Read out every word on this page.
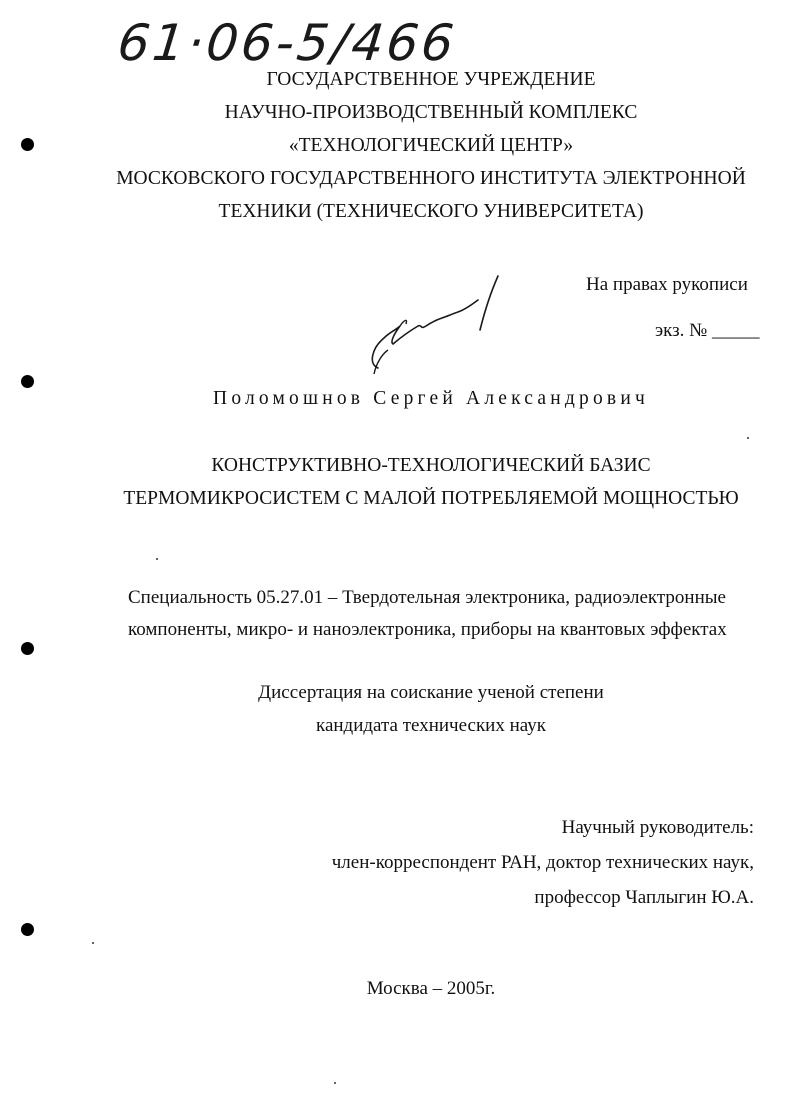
61·06-5/466
ГОСУДАРСТВЕННОЕ УЧРЕЖДЕНИЕ
НАУЧНО-ПРОИЗВОДСТВЕННЫЙ КОМПЛЕКС
«ТЕХНОЛОГИЧЕСКИЙ ЦЕНТР»
МОСКОВСКОГО ГОСУДАРСТВЕННОГО ИНСТИТУТА ЭЛЕКТРОННОЙ
ТЕХНИКИ (ТЕХНИЧЕСКОГО УНИВЕРСИТЕТА)
На правах рукописи
экз. № _____
Поломошнов Сергей Александрович
КОНСТРУКТИВНО-ТЕХНОЛОГИЧЕСКИЙ БАЗИС
ТЕРМОМИКРОСИСТЕМ С МАЛОЙ ПОТРЕБЛЯЕМОЙ МОЩНОСТЬЮ
Специальность 05.27.01 – Твердотельная электроника, радиоэлектронные
компоненты, микро- и наноэлектроника, приборы на квантовых эффектах
Диссертация на соискание ученой степени
кандидата технических наук
Научный руководитель:
член-корреспондент РАН, доктор технических наук,
профессор Чаплыгин Ю.А.
Москва – 2005г.
